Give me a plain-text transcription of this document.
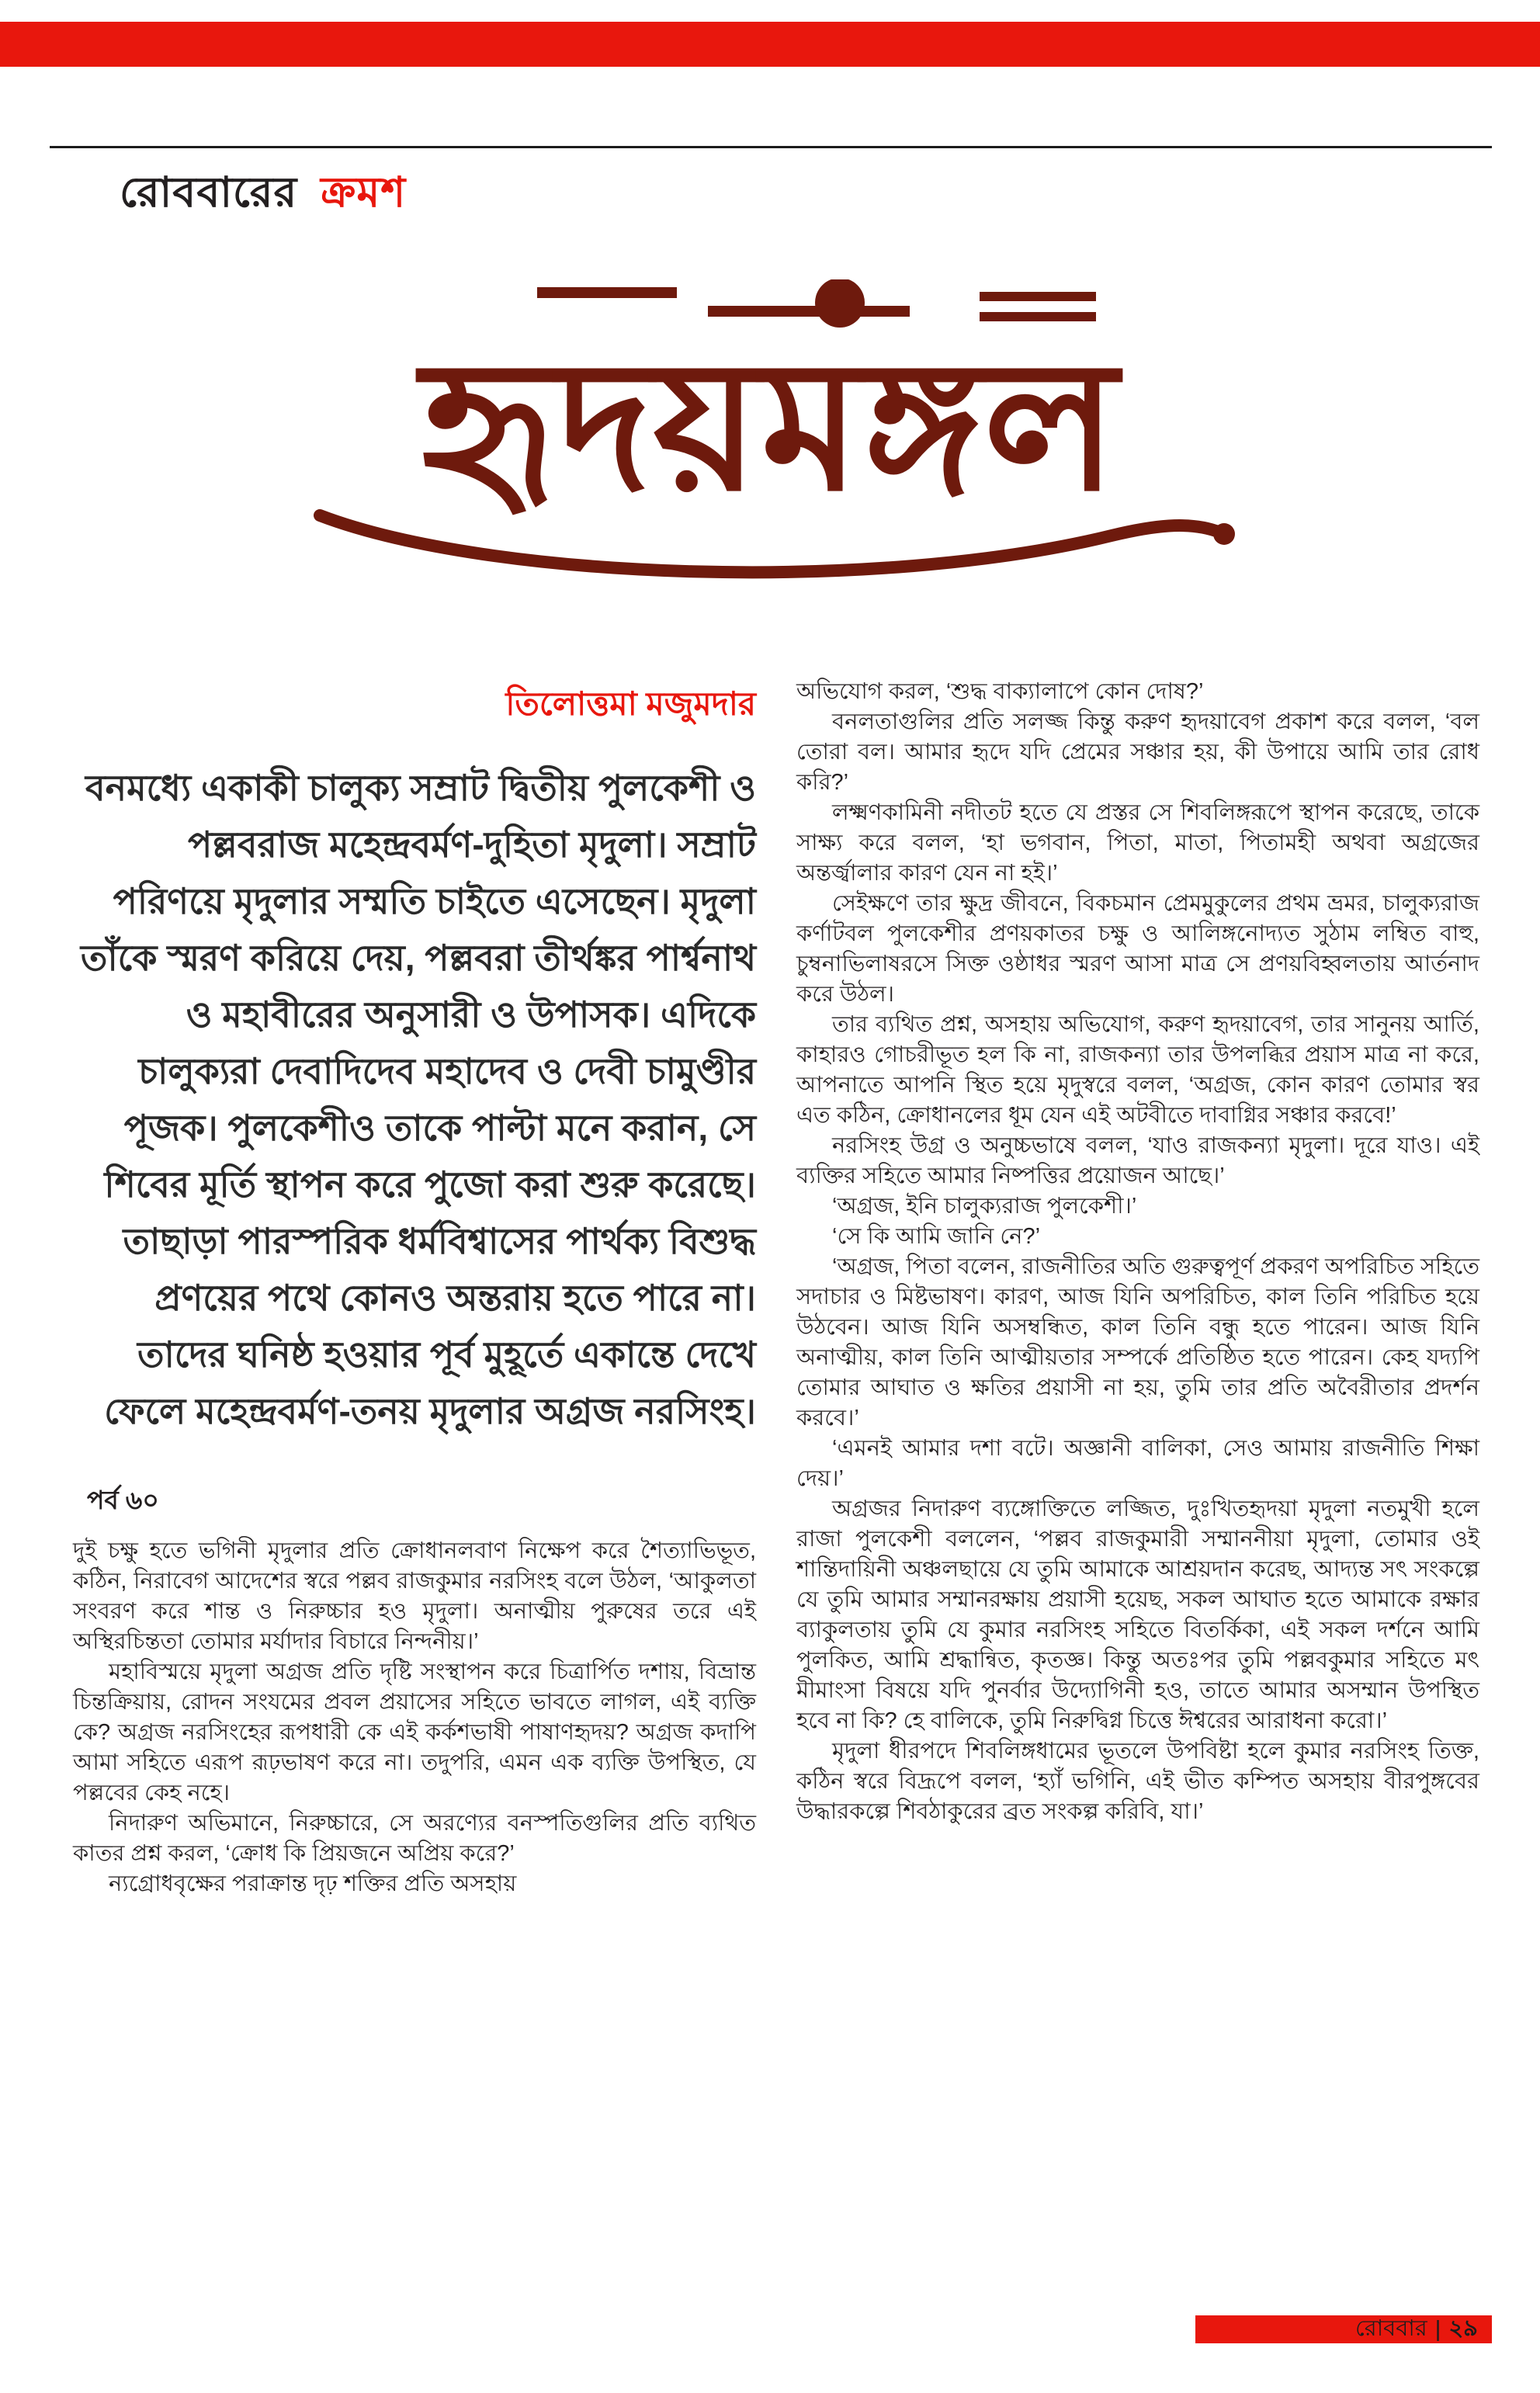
রোববারের ক্রমশ
হৃদয়মঙ্গল
তিলোত্তমা মজুমদার
বনমধ্যে একাকী চালুক্য সম্রাট দ্বিতীয় পুলকেশী ও পল্লবরাজ মহেন্দ্রবর্মণ-দুহিতা মৃদুলা। সম্রাট পরিণয়ে মৃদুলার সম্মতি চাইতে এসেছেন। মৃদুলা তাঁকে স্মরণ করিয়ে দেয়, পল্লবরা তীর্থঙ্কর পার্শ্বনাথ ও মহাবীরের অনুসারী ও উপাসক। এদিকে চালুক্যরা দেবাদিদেব মহাদেব ও দেবী চামুণ্ডীর পূজক। পুলকেশীও তাকে পাল্টা মনে করান, সে শিবের মূর্তি স্থাপন করে পুজো করা শুরু করেছে। তাছাড়া পারস্পরিক ধর্মবিশ্বাসের পার্থক্য বিশুদ্ধ প্রণয়ের পথে কোনও অন্তরায় হতে পারে না। তাদের ঘনিষ্ঠ হওয়ার পূর্ব মুহূর্তে একান্তে দেখে ফেলে মহেন্দ্রবর্মণ-তনয় মৃদুলার অগ্রজ নরসিংহ।
পর্ব ৬০

দুই চক্ষু হতে ভগিনী মৃদুলার প্রতি ক্রোধানলবাণ নিক্ষেপ করে শৈত্যাভিভূত, কঠিন, নিরাবেগ আদেশের স্বরে পল্লব রাজকুমার নরসিংহ বলে উঠল, ‘আকুলতা সংবরণ করে শান্ত ও নিরুচ্চার হও মৃদুলা। অনাত্মীয় পুরুষের তরে এই অস্থিরচিন্ততা তোমার মর্যাদার বিচারে নিন্দনীয়।’

মহাবিস্ময়ে মৃদুলা অগ্রজ প্রতি দৃষ্টি সংস্থাপন করে চিত্রার্পিত দশায়, বিভ্রান্ত চিন্তক্রিয়ায়, রোদন সংযমের প্রবল প্রয়াসের সহিতে ভাবতে লাগল, এই ব্যক্তি কে? অগ্রজ নরসিংহের রূপধারী কে এই কর্কশভাষী পাষাণহৃদয়? অগ্রজ কদাপি আমা সহিতে এরূপ রূঢ়ভাষণ করে না। তদুপরি, এমন এক ব্যক্তি উপস্থিত, যে পল্লবের কেহ নহে।

নিদারুণ অভিমানে, নিরুচ্চারে, সে অরণ্যের বনস্পতিগুলির প্রতি ব্যথিত কাতর প্রশ্ন করল, ‘ক্রোধ কি প্রিয়জনে অপ্রিয় করে?’

ন্যগ্রোধবৃক্ষের পরাক্রান্ত দৃঢ় শক্তির প্রতি অসহায়

অভিযোগ করল, ‘শুদ্ধ বাক্যালাপে কোন দোষ?’

বনলতাগুলির প্রতি সলজ্জ কিন্তু করুণ হৃদয়াবেগ প্রকাশ করে বলল, ‘বল তোরা বল। আমার হৃদে যদি প্রেমের সঞ্চার হয়, কী উপায়ে আমি তার রোধ করি?’

লক্ষ্মণকামিনী নদীতট হতে যে প্রস্তর সে শিবলিঙ্গরূপে স্থাপন করেছে, তাকে সাক্ষ্য করে বলল, ‘হা ভগবান, পিতা, মাতা, পিতামহী অথবা অগ্রজের অন্তর্জ্বালার কারণ যেন না হই।’

সেইক্ষণে তার ক্ষুদ্র জীবনে, বিকচমান প্রেমমুকুলের প্রথম ভ্রমর, চালুক্যরাজ কর্ণাটবল পুলকেশীর প্রণয়কাতর চক্ষু ও আলিঙ্গনোদ্যত সুঠাম লম্বিত বাহু, চুম্বনাভিলাষরসে সিক্ত ওষ্ঠাধর স্মরণ আসা মাত্র সে প্রণয়বিহ্বলতায় আর্তনাদ করে উঠল।

তার ব্যথিত প্রশ্ন, অসহায় অভিযোগ, করুণ হৃদয়াবেগ, তার সানুনয় আর্তি, কাহারও গোচরীভূত হল কি না, রাজকন্যা তার উপলব্ধির প্রয়াস মাত্র না করে, আপনাতে আপনি স্থিত হয়ে মৃদুস্বরে বলল, ‘অগ্রজ, কোন কারণ তোমার স্বর এত কঠিন, ক্রোধানলের ধূম যেন এই অটবীতে দাবাগ্নির সঞ্চার করবে!’

নরসিংহ উগ্র ও অনুচ্চভাষে বলল, ‘যাও রাজকন্যা মৃদুলা। দূরে যাও। এই ব্যক্তির সহিতে আমার নিষ্পত্তির প্রয়োজন আছে।’

‘অগ্রজ, ইনি চালুক্যরাজ পুলকেশী।’

‘সে কি আমি জানি নে?’

‘অগ্রজ, পিতা বলেন, রাজনীতির অতি গুরুত্বপূর্ণ প্রকরণ অপরিচিত সহিতে সদাচার ও মিষ্টভাষণ। কারণ, আজ যিনি অপরিচিত, কাল তিনি পরিচিত হয়ে উঠবেন। আজ যিনি অসম্বন্ধিত, কাল তিনি বন্ধু হতে পারেন। আজ যিনি অনাত্মীয়, কাল তিনি আত্মীয়তার সম্পর্কে প্রতিষ্ঠিত হতে পারেন। কেহ যদ্যপি তোমার আঘাত ও ক্ষতির প্রয়াসী না হয়, তুমি তার প্রতি অবৈরীতার প্রদর্শন করবে।’

‘এমনই আমার দশা বটে। অজ্ঞানী বালিকা, সেও আমায় রাজনীতি শিক্ষা দেয়।’

অগ্রজর নিদারুণ ব্যঙ্গোক্তিতে লজ্জিত, দুঃখিতহৃদয়া মৃদুলা নতমুখী হলে রাজা পুলকেশী বললেন, ‘পল্লব রাজকুমারী সম্মাননীয়া মৃদুলা, তোমার ওই শান্তিদায়িনী অঞ্চলছায়ে যে তুমি আমাকে আশ্রয়দান করেছ, আদ্যন্ত সৎ সংকল্পে যে তুমি আমার সম্মানরক্ষায় প্রয়াসী হয়েছ, সকল আঘাত হতে আমাকে রক্ষার ব্যাকুলতায় তুমি যে কুমার নরসিংহ সহিতে বিতর্কিকা, এই সকল দর্শনে আমি পুলকিত, আমি শ্রদ্ধান্বিত, কৃতজ্ঞ। কিন্তু অতঃপর তুমি পল্লবকুমার সহিতে মৎ মীমাংসা বিষয়ে যদি পুনর্বার উদ্যোগিনী হও, তাতে আমার অসম্মান উপস্থিত হবে না কি? হে বালিকে, তুমি নিরুদ্বিগ্ন চিত্তে ঈশ্বরের আরাধনা করো।’

মৃদুলা ধীরপদে শিবলিঙ্গধামের ভূতলে উপবিষ্টা হলে কুমার নরসিংহ তিক্ত, কঠিন স্বরে বিদ্রূপে বলল, ‘হ্যাঁ ভগিনি, এই ভীত কম্পিত অসহায় বীরপুঙ্গবের উদ্ধারকল্পে শিবঠাকুরের ব্রত সংকল্প করিবি, যা।’

রোববার | ২৯
